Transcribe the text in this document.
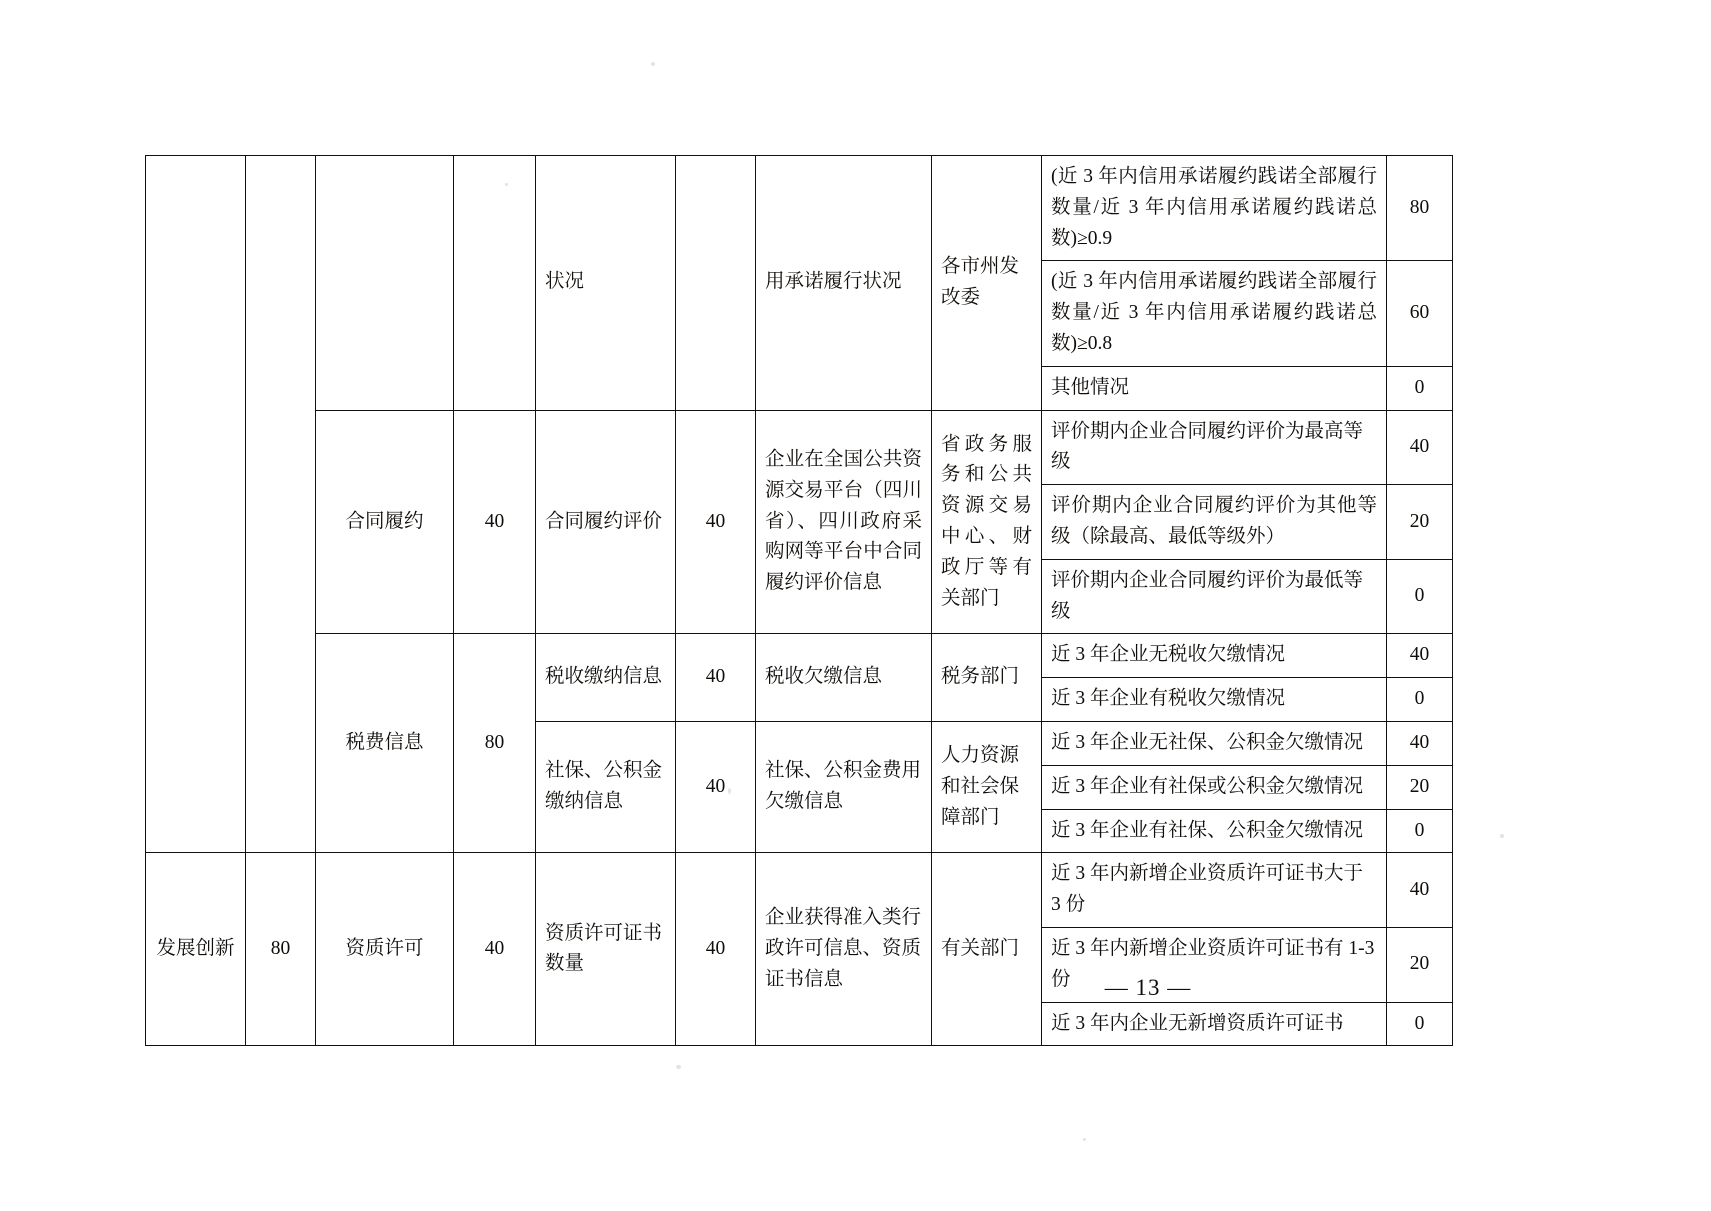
				状况		用承诺履行状况	各市州发改委	(近 3 年内信用承诺履约践诺全部履行数量/近 3 年内信用承诺履约践诺总数)≥0.9	80
								(近 3 年内信用承诺履约践诺全部履行数量/近 3 年内信用承诺履约践诺总数)≥0.8	60
								其他情况	0
		合同履约	40	合同履约评价	40	企业在全国公共资源交易平台（四川省）、四川政府采购网等平台中合同履约评价信息	省政务服务和公共资源交易中心、财政厅等有关部门	评价期内企业合同履约评价为最高等级	40
								评价期内企业合同履约评价为其他等级（除最高、最低等级外）	20
								评价期内企业合同履约评价为最低等级	0
		税费信息	80	税收缴纳信息	40	税收欠缴信息	税务部门	近 3 年企业无税收欠缴情况	40
								近 3 年企业有税收欠缴情况	0
				社保、公积金缴纳信息	40	社保、公积金费用欠缴信息	人力资源和社会保障部门	近 3 年企业无社保、公积金欠缴情况	40
								近 3 年企业有社保或公积金欠缴情况	20
								近 3 年企业有社保、公积金欠缴情况	0
发展创新	80	资质许可	40	资质许可证书数量	40	企业获得准入类行政许可信息、资质证书信息	有关部门	近 3 年内新增企业资质许可证书大于 3 份	40
								近 3 年内新增企业资质许可证书有 1-3 份	20
								近 3 年内企业无新增资质许可证书	0
— 13 —
